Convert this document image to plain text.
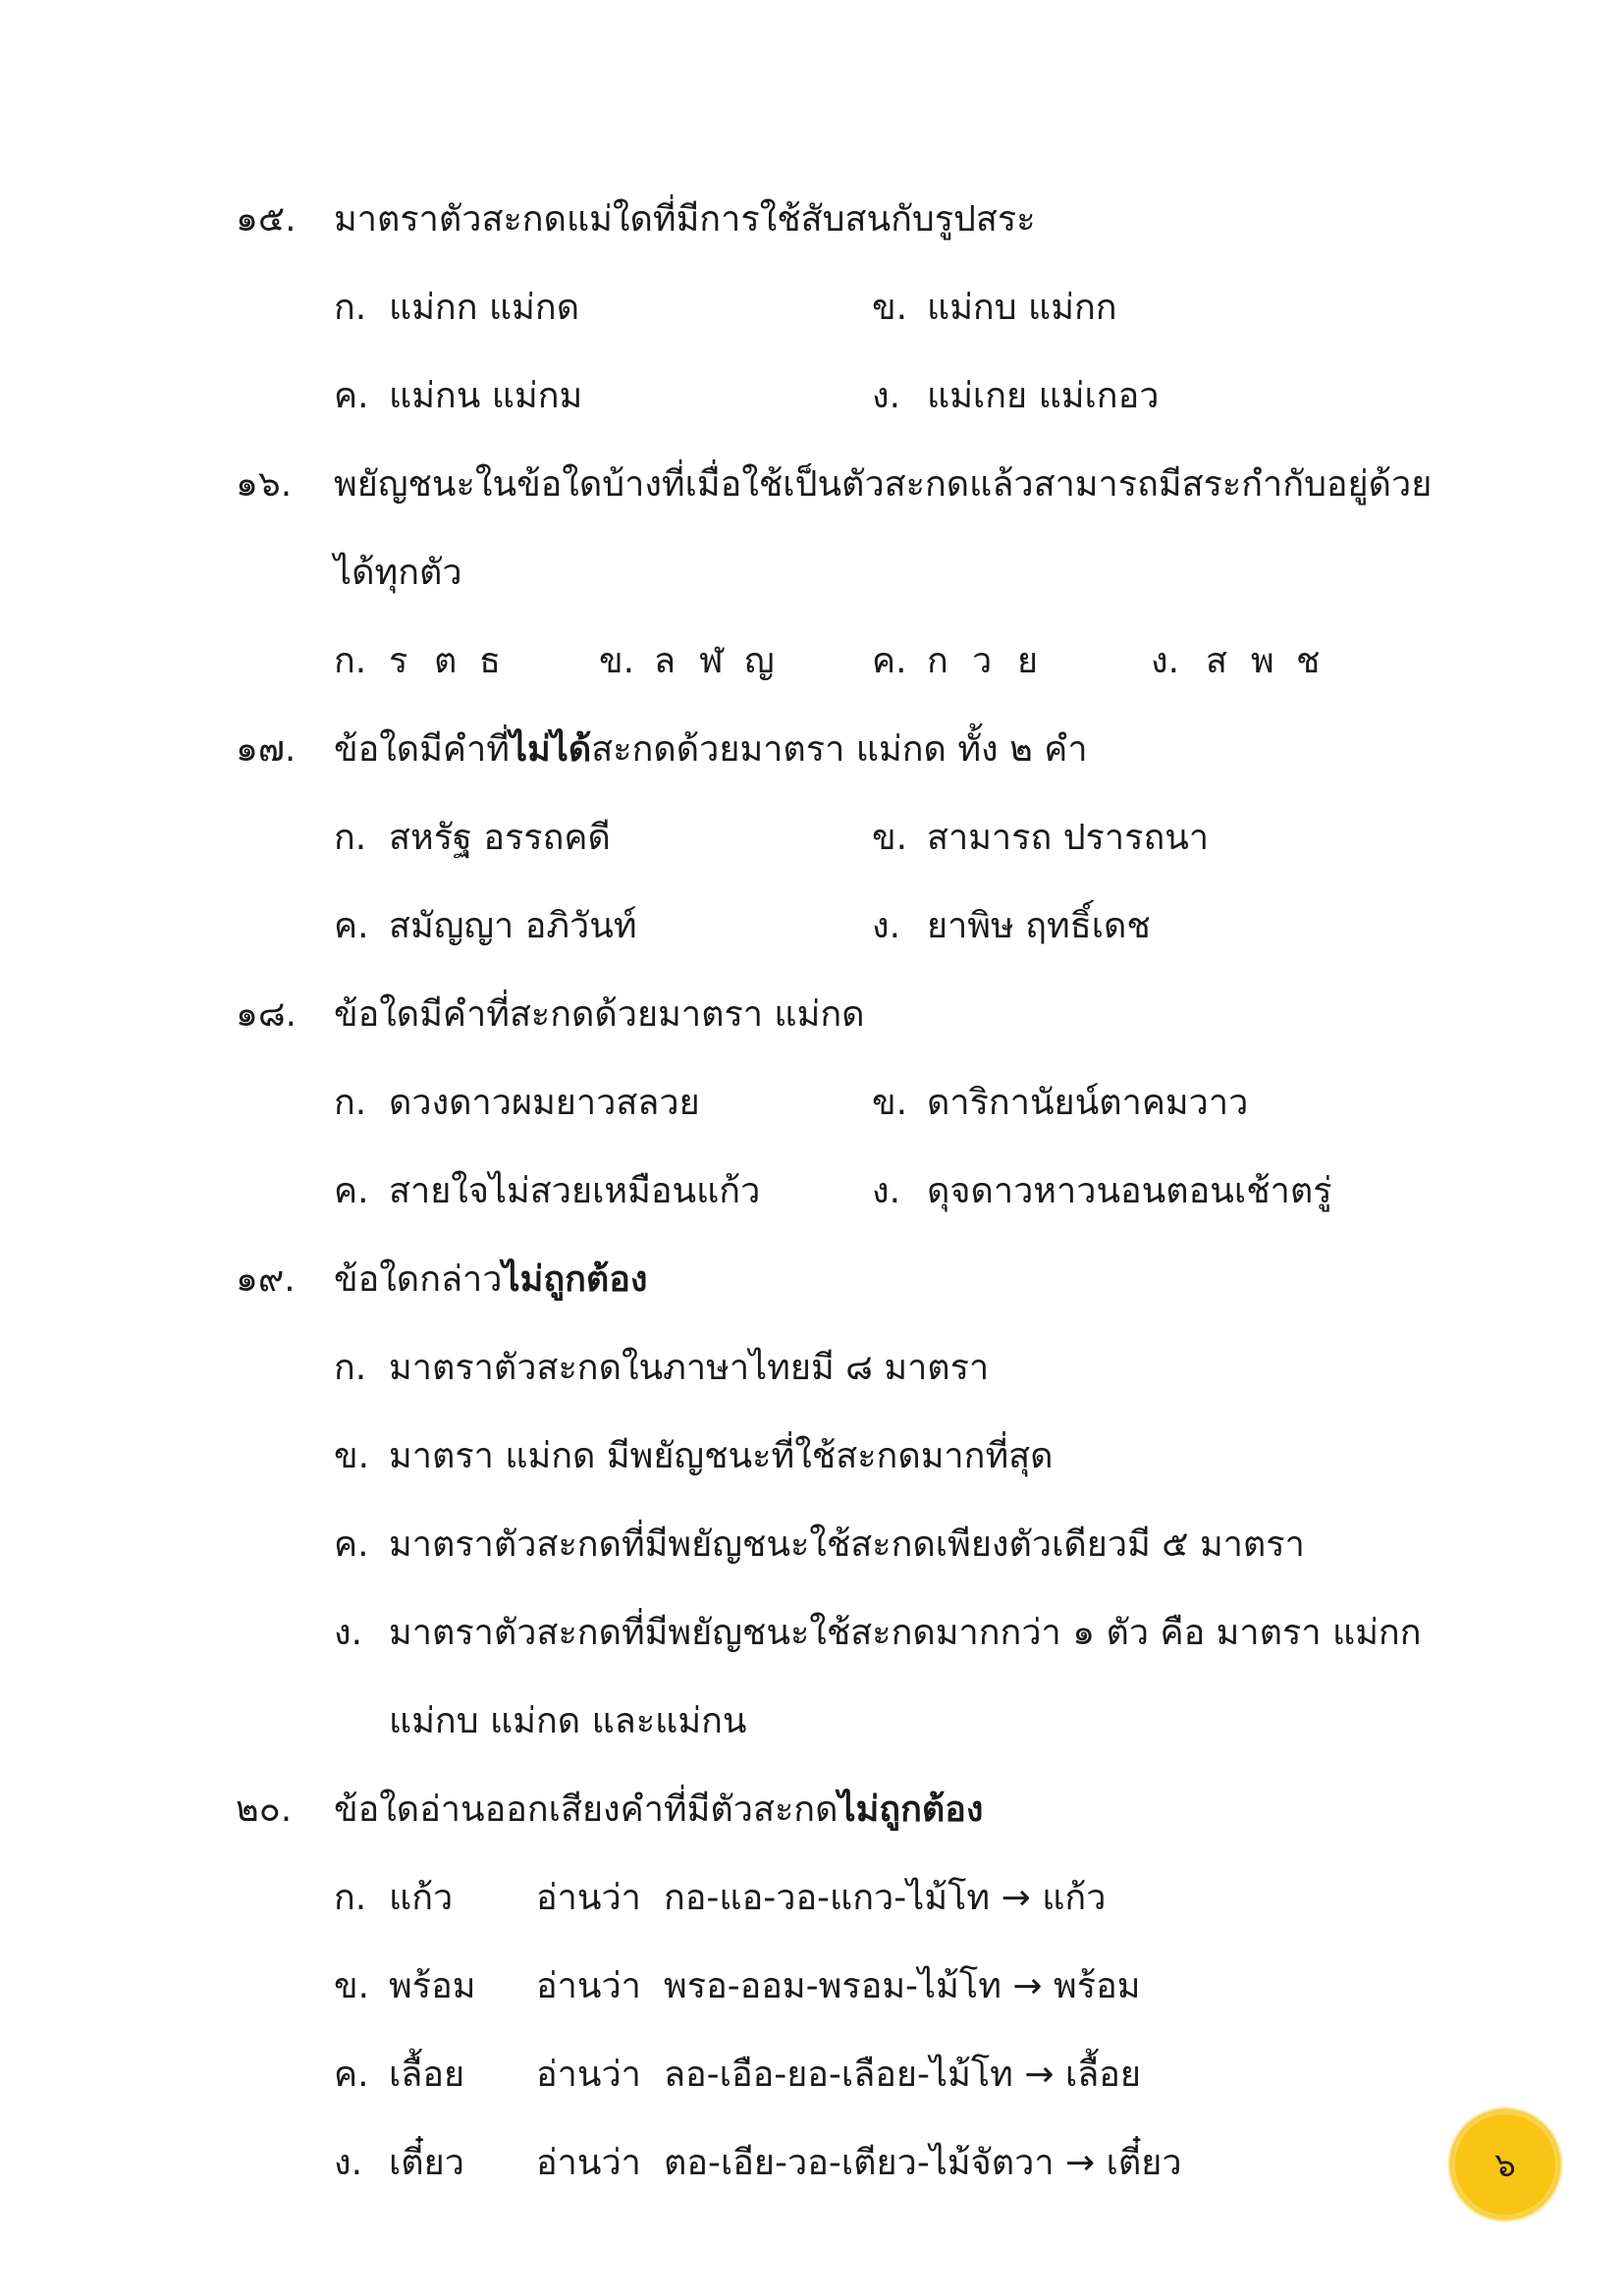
๑๕. มาตราตัวสะกดแม่ใดที่มีการใช้สับสนกับรูปสระ
ก. แม่กก แม่กด	ข. แม่กบ แม่กก
ค. แม่กน แม่กม	ง. แม่เกย แม่เกอว
๑๖. พยัญชนะในข้อใดบ้างที่เมื่อใช้เป็นตัวสะกดแล้วสามารถมีสระกำกับอยู่ด้วย
ได้ทุกตัว
ก. ร ต ธ	ข. ล ฬ ญ	ค. ก ว ย	ง. ส พ ช
๑๗. ข้อใดมีคำที่ไม่ได้สะกดด้วยมาตรา แม่กด ทั้ง ๒ คำ
ก. สหรัฐ อรรถคดี	ข. สามารถ ปรารถนา
ค. สมัญญา อภิวันท์	ง. ยาพิษ ฤทธิ์เดช
๑๘. ข้อใดมีคำที่สะกดด้วยมาตรา แม่กด
ก. ดวงดาวผมยาวสลวย	ข. ดาริกานัยน์ตาคมวาว
ค. สายใจไม่สวยเหมือนแก้ว	ง. ดุจดาวหาวนอนตอนเช้าตรู่
๑๙. ข้อใดกล่าวไม่ถูกต้อง
ก. มาตราตัวสะกดในภาษาไทยมี ๘ มาตรา
ข. มาตรา แม่กด มีพยัญชนะที่ใช้สะกดมากที่สุด
ค. มาตราตัวสะกดที่มีพยัญชนะใช้สะกดเพียงตัวเดียวมี ๕ มาตรา
ง. มาตราตัวสะกดที่มีพยัญชนะใช้สะกดมากกว่า ๑ ตัว คือ มาตรา แม่กก
แม่กบ แม่กด และแม่กน
๒๐. ข้อใดอ่านออกเสียงคำที่มีตัวสะกดไม่ถูกต้อง
ก. แก้ว อ่านว่า กอ-แอ-วอ-แกว-ไม้โท → แก้ว
ข. พร้อม อ่านว่า พรอ-ออม-พรอม-ไม้โท → พร้อม
ค. เลื้อย อ่านว่า ลอ-เอือ-ยอ-เลือย-ไม้โท → เลื้อย
ง. เตี๋ยว อ่านว่า ตอ-เอีย-วอ-เตียว-ไม้จัตวา → เตี๋ยว	๖
